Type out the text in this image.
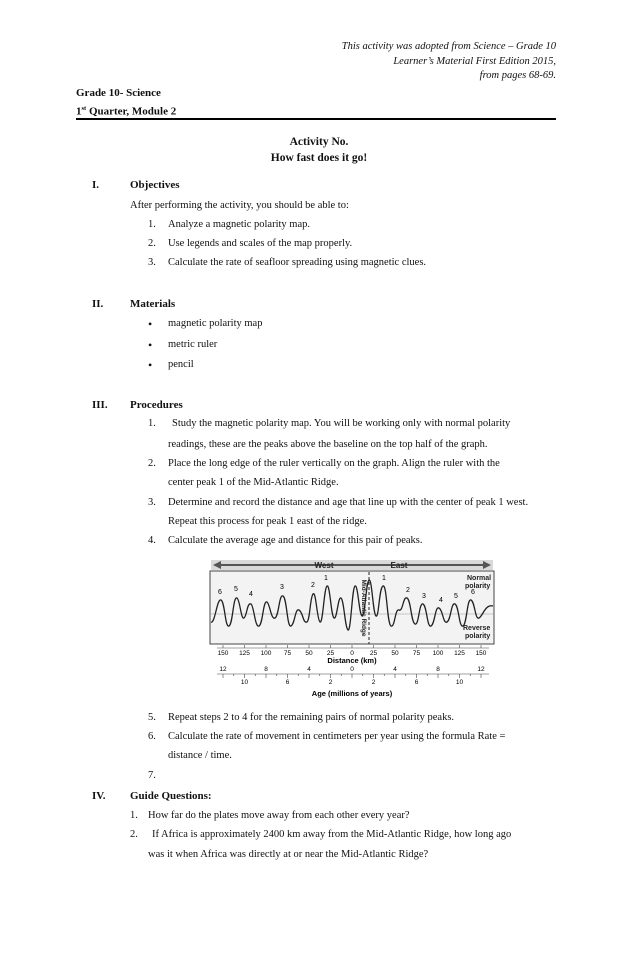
This activity was adopted from Science – Grade 10
Learner’s Material First Edition 2015,
from pages 68-69.
Grade 10- Science
1st Quarter, Module 2
Activity No.
How fast does it go!
I.	Objectives
After performing the activity, you should be able to:
1. Analyze a magnetic polarity map.
2. Use legends and scales of the map properly.
3. Calculate the rate of seafloor spreading using magnetic clues.
II. Materials
• magnetic polarity map
• metric ruler
• pencil
III. Procedures
1. Study the magnetic polarity map. You will be working only with normal polarity
readings, these are the peaks above the baseline on the top half of the graph.
2. Place the long edge of the ruler vertically on the graph. Align the ruler with the
center peak 1 of the Mid-Atlantic Ridge.
3. Determine and record the distance and age that line up with the center of peak 1 west.
Repeat this process for peak 1 east of the ridge.
4. Calculate the average age and distance for this pair of peaks.
West	East
Mid-Atlantic Ridge
6 5
4
3	2
1	1
2
3
4
5
6
Normal
polarity
Reverse
polarity
150 125 100 75 50 25 0 25 50 75 100 125 150
Distance (km)
12	8	4	0	4	8	12
10	6	2	2	6	10
Age (millions of years)
5. Repeat steps 2 to 4 for the remaining pairs of normal polarity peaks.
6. Calculate the rate of movement in centimeters per year using the formula Rate =
distance / time.
7.
IV. Guide Questions:
1. How far do the plates move away from each other every year?
2. If Africa is approximately 2400 km away from the Mid-Atlantic Ridge, how long ago
was it when Africa was directly at or near the Mid-Atlantic Ridge?
